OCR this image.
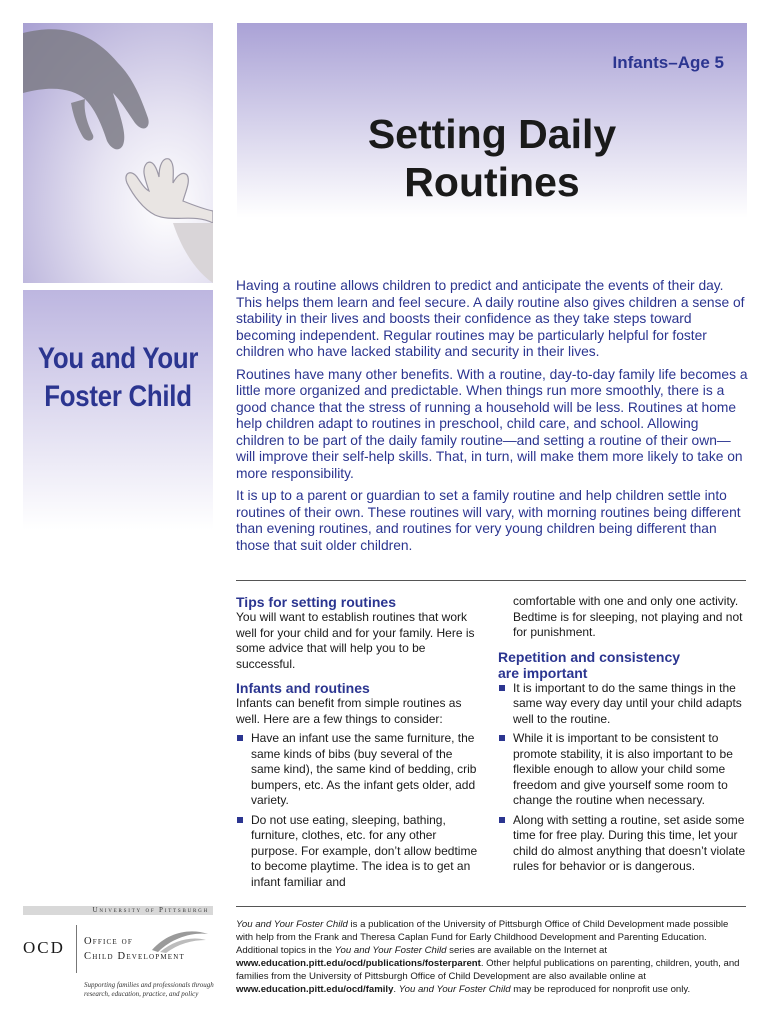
You and Your
Foster Child
Infants–Age 5
Setting Daily
Routines

Having a routine allows children to predict and anticipate the events of their day. This helps them learn and feel secure. A daily routine also gives children a sense of stability in their lives and boosts their confidence as they take steps toward becoming independent. Regular routines may be particularly helpful for foster children who have lacked stability and security in their lives.

Routines have many other benefits. With a routine, day-to-day family life becomes a little more organized and predictable. When things run more smoothly, there is a good chance that the stress of running a household will be less. Routines at home help children adapt to routines in preschool, child care, and school. Allowing children to be part of the daily family routine—and setting a routine of their own—will improve their self-help skills. That, in turn, will make them more likely to take on more responsibility.

It is up to a parent or guardian to set a family routine and help children settle into routines of their own. These routines will vary, with morning routines being different than evening routines, and routines for very young children being different than those that suit older children.

Tips for setting routines

You will want to establish routines that work well for your child and for your family. Here is some advice that will help you to be successful.

Infants and routines

Infants can benefit from simple routines as well. Here are a few things to consider:

Have an infant use the same furniture, the same kinds of bibs (buy several of the same kind), the same kind of bedding, crib bumpers, etc. As the infant gets older, add variety.
Do not use eating, sleeping, bathing, furniture, clothes, etc. for any other purpose. For example, don’t allow bedtime to become playtime. The idea is to get an infant familiar and

comfortable with one and only one activity. Bedtime is for sleeping, not playing and not for punishment.

Repetition and consistency
are important
It is important to do the same things in the same way every day until your child adapts well to the routine.
While it is important to be consistent to promote stability, it is also important to be flexible enough to allow your child some freedom and give yourself some room to change the routine when necessary.
Along with setting a routine, set aside some time for free play. During this time, let your child do almost anything that doesn’t violate rules for behavior or is dangerous.
You and Your Foster Child is a publication of the University of Pittsburgh Office of Child Development made possible with help from the Frank and Theresa Caplan Fund for Early Childhood Development and Parenting Education. Additional topics in the You and Your Foster Child series are available on the Internet at www.education.pitt.edu/ocd/publications/fosterparent. Other helpful publications on parenting, children, youth, and families from the University of Pittsburgh Office of Child Development are also available online at www.education.pitt.edu/ocd/family. You and Your Foster Child may be reproduced for nonprofit use only.
University of Pittsburgh
OCD Office of
Child Development
Supporting families and professionals through research, education, practice, and policy
